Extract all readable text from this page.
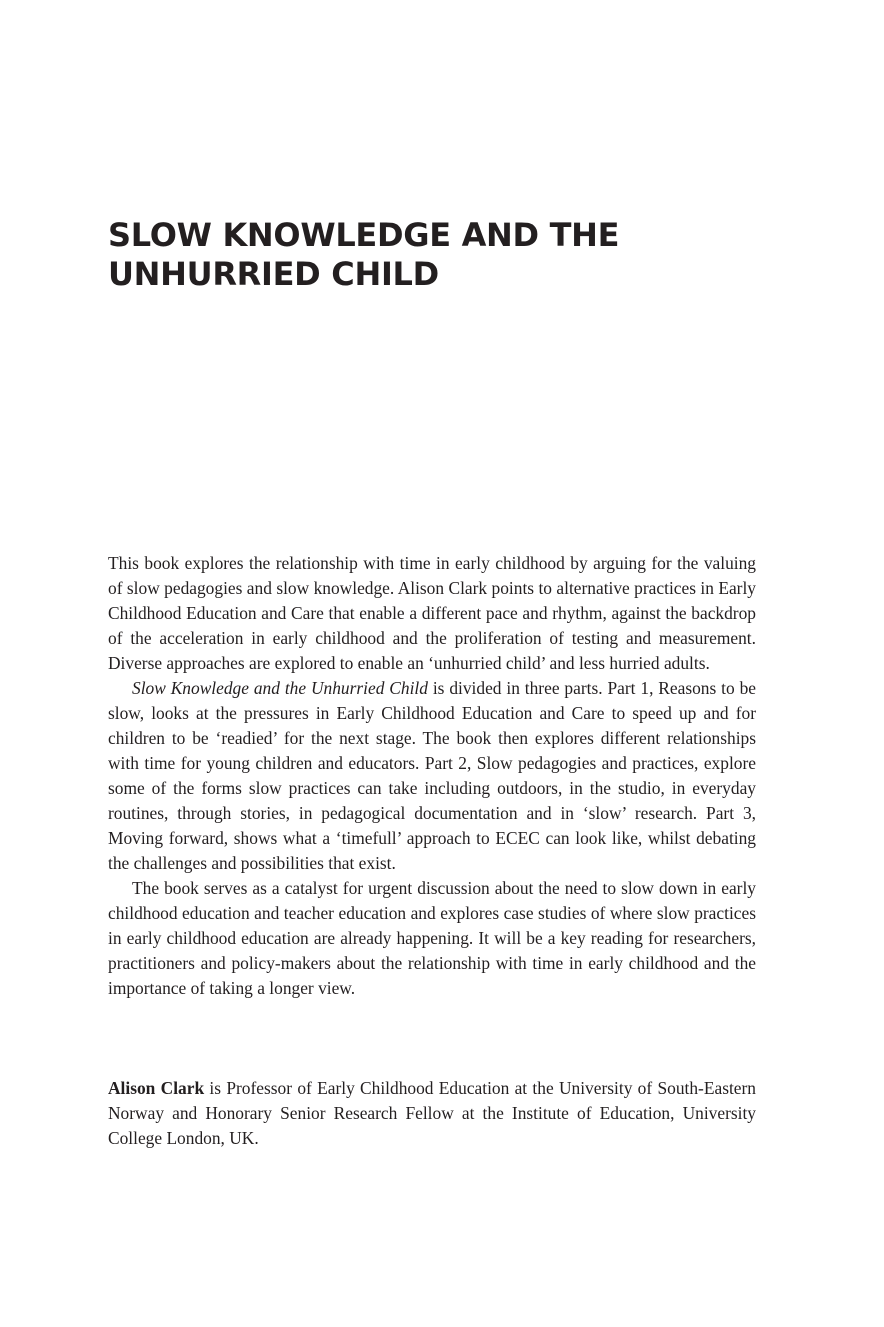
SLOW KNOWLEDGE AND THE
UNHURRIED CHILD

This book explores the relationship with time in early childhood by arguing for the valuing of slow pedagogies and slow knowledge. Alison Clark points to alternative practices in Early Childhood Education and Care that enable a different pace and rhythm, against the backdrop of the acceleration in early childhood and the proliferation of testing and measurement. Diverse approaches are explored to enable an ‘unhurried child’ and less hurried adults.

Slow Knowledge and the Unhurried Child is divided in three parts. Part 1, Reasons to be slow, looks at the pressures in Early Childhood Education and Care to speed up and for children to be ‘readied’ for the next stage. The book then explores different relationships with time for young children and educators. Part 2, Slow pedagogies and practices, explore some of the forms slow practices can take including outdoors, in the studio, in everyday routines, through stories, in pedagogical documentation and in ‘slow’ research. Part 3, Moving forward, shows what a ‘timefull’ approach to ECEC can look like, whilst debating the challenges and possibilities that exist.

The book serves as a catalyst for urgent discussion about the need to slow down in early childhood education and teacher education and explores case studies of where slow practices in early childhood education are already happening. It will be a key reading for researchers, practitioners and policy-makers about the relationship with time in early childhood and the importance of taking a longer view.

Alison Clark is Professor of Early Childhood Education at the University of South-Eastern Norway and Honorary Senior Research Fellow at the Institute of Education, University College London, UK.
